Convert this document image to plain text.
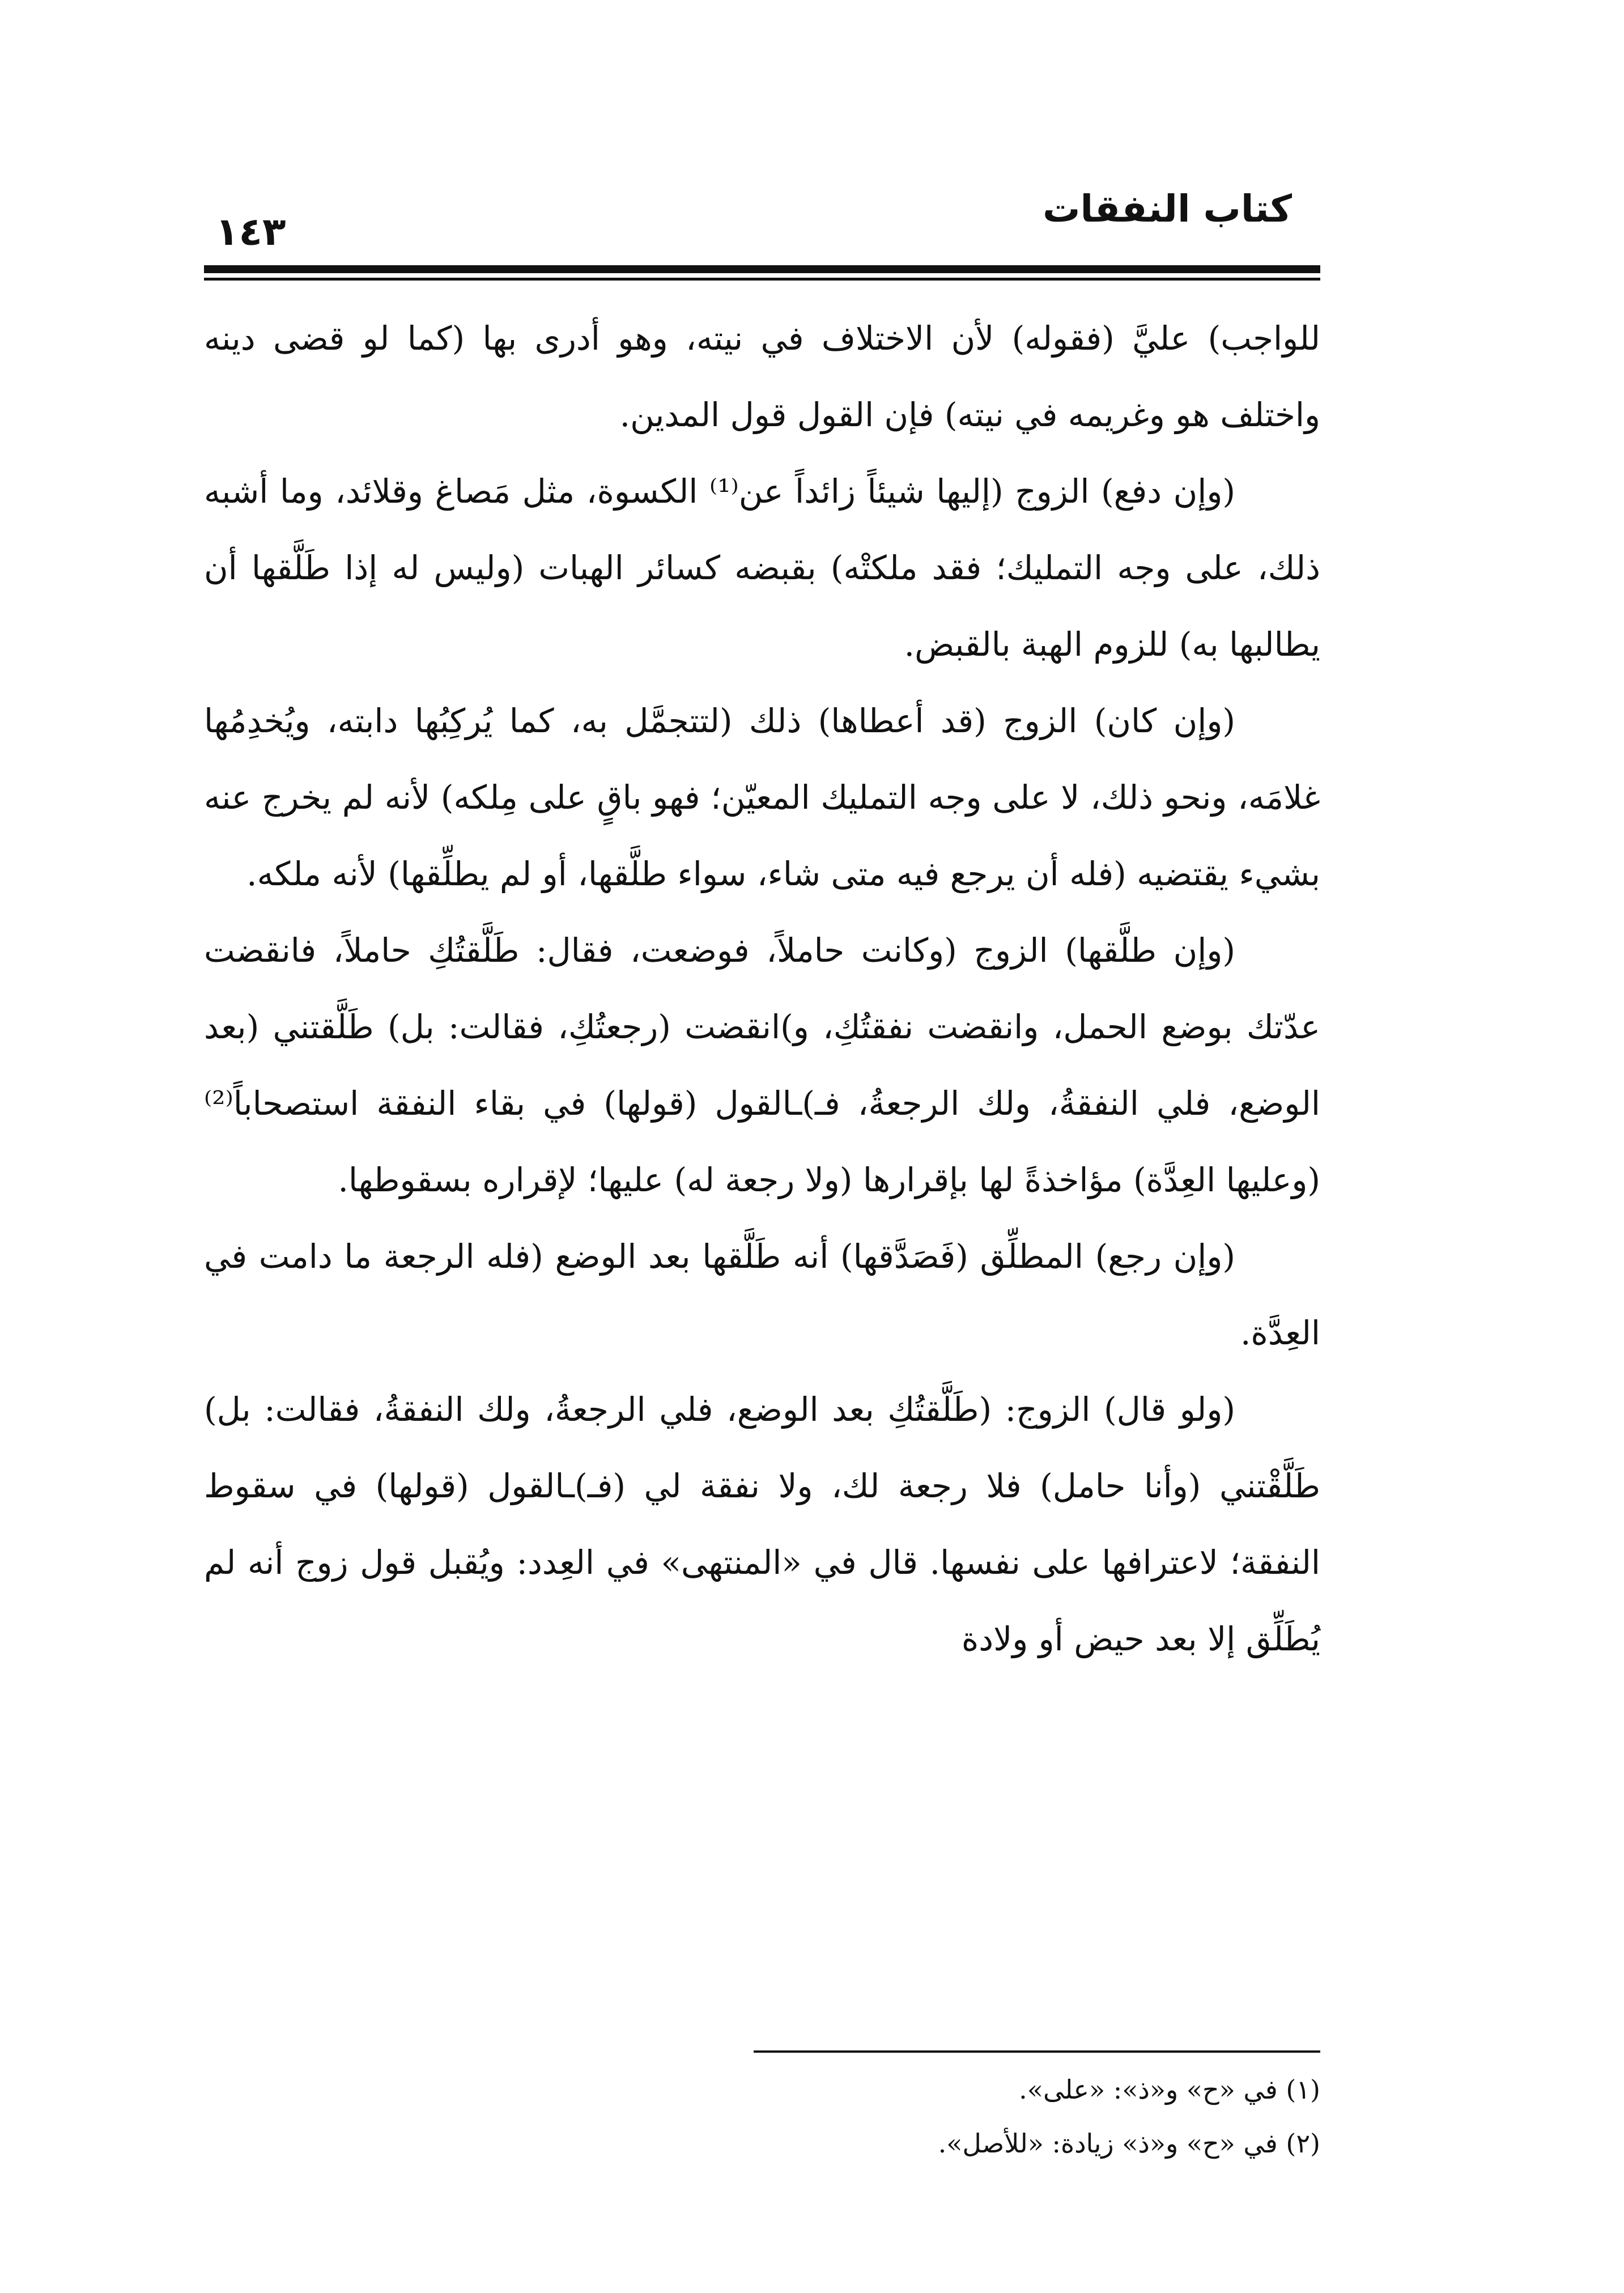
كتاب النفقات
١٤٣

للواجب) عليَّ (فقوله) لأن الاختلاف في نيته، وهو أدرى بها (كما لو قضى دينه واختلف هو وغريمه في نيته) فإن القول قول المدين.

(وإن دفع) الزوج (إليها شيئاً زائداً عن⁽¹⁾ الكسوة، مثل مَصاغ وقلائد، وما أشبه ذلك، على وجه التمليك؛ فقد ملكتْه) بقبضه كسائر الهبات (وليس له إذا طَلَّقها أن يطالبها به) للزوم الهبة بالقبض.

(وإن كان) الزوج (قد أعطاها) ذلك (لتتجمَّل به، كما يُركِبُها دابته، ويُخدِمُها غلامَه، ونحو ذلك، لا على وجه التمليك المعيّن؛ فهو باقٍ على مِلكه) لأنه لم يخرج عنه بشيء يقتضيه (فله أن يرجع فيه متى شاء، سواء طلَّقها، أو لم يطلِّقها) لأنه ملكه.

(وإن طلَّقها) الزوج (وكانت حاملاً، فوضعت، فقال: طَلَّقتُكِ حاملاً، فانقضت عدّتك بوضع الحمل، وانقضت نفقتُكِ، و)انقضت (رجعتُكِ، فقالت: بل) طَلَّقتني (بعد الوضع، فلي النفقةُ، ولك الرجعةُ، فـ)ـالقول (قولها) في بقاء النفقة استصحاباً⁽²⁾ (وعليها العِدَّة) مؤاخذةً لها بإقرارها (ولا رجعة له) عليها؛ لإقراره بسقوطها.

(وإن رجع) المطلِّق (فَصَدَّقها) أنه طَلَّقها بعد الوضع (فله الرجعة ما دامت في العِدَّة.

(ولو قال) الزوج: (طَلَّقتُكِ بعد الوضع، فلي الرجعةُ، ولك النفقةُ، فقالت: بل) طَلَّقْتني (وأنا حامل) فلا رجعة لك، ولا نفقة لي (فـ)ـالقول (قولها) في سقوط النفقة؛ لاعترافها على نفسها. قال في «المنتهى» في العِدد: ويُقبل قول زوج أنه لم يُطَلِّق إلا بعد حيض أو ولادة

(١) في «ح» و«ذ»: «على».

(٢) في «ح» و«ذ» زيادة: «للأصل».
